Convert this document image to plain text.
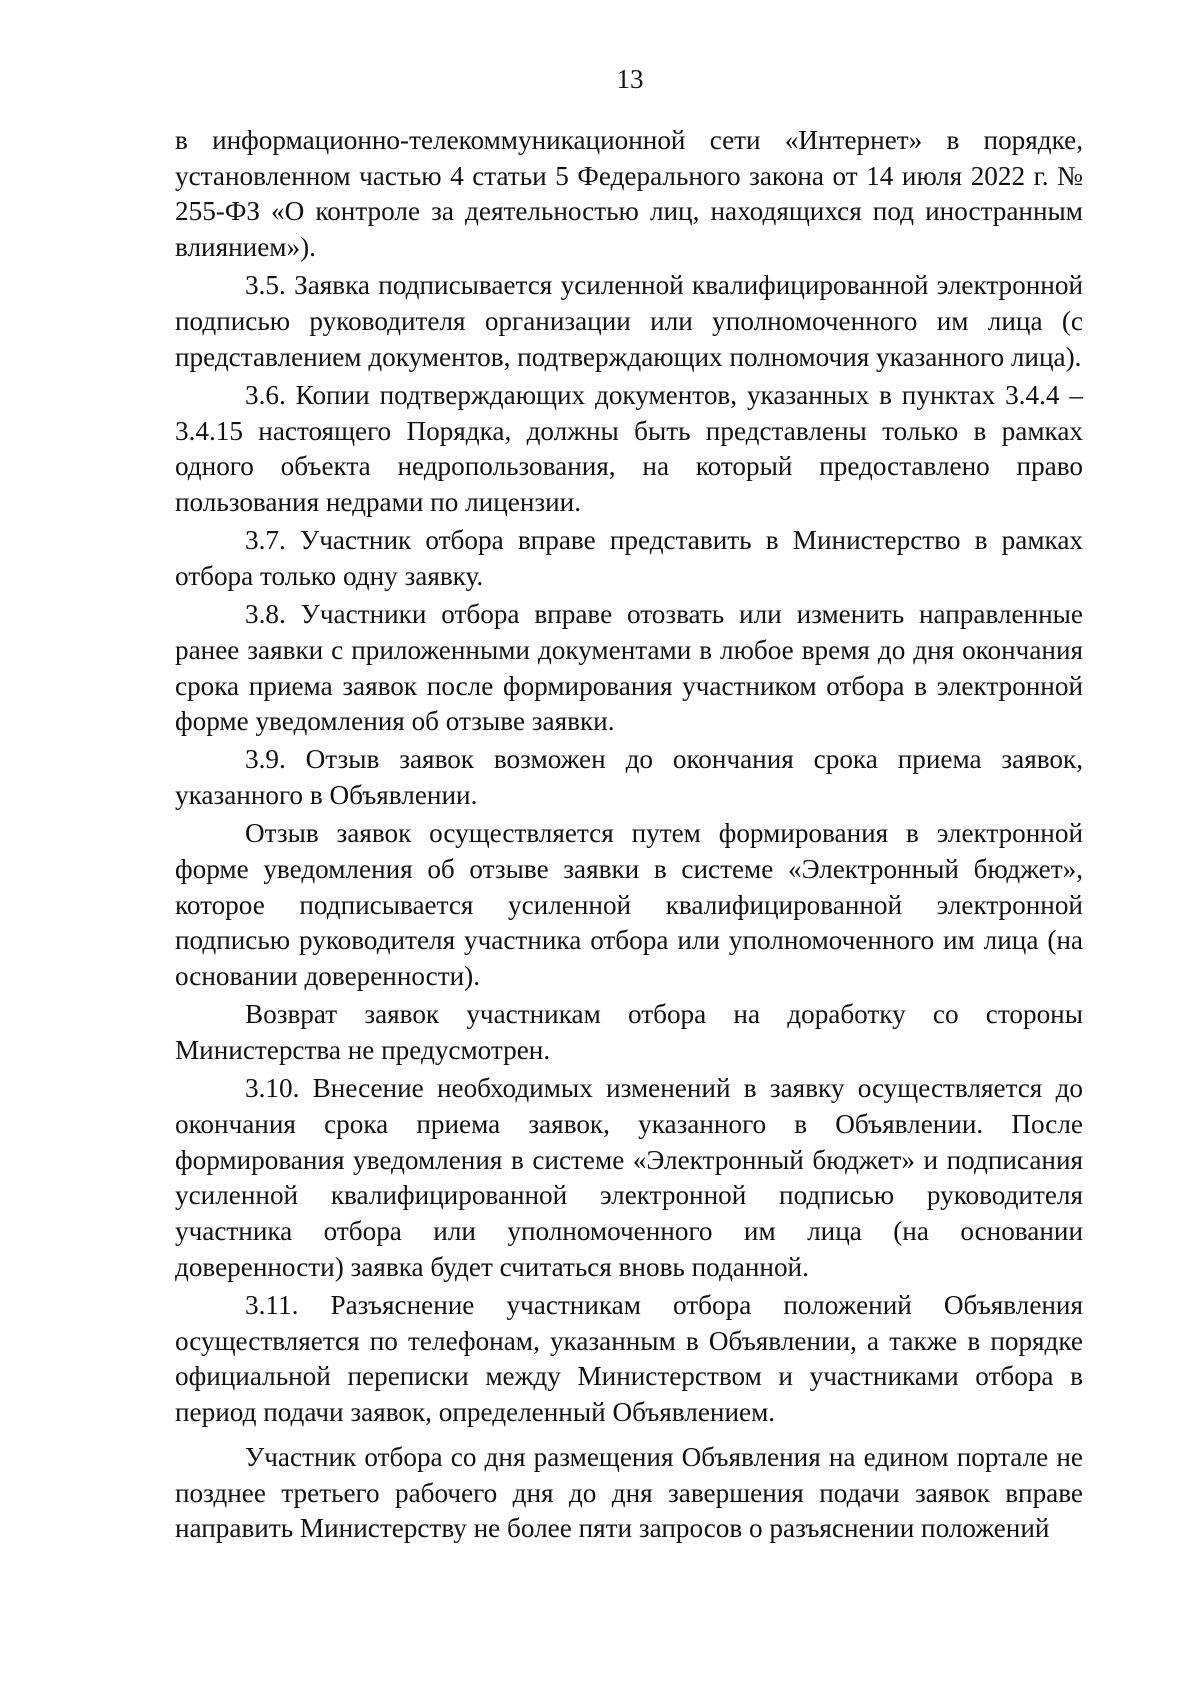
13

в информационно-телекоммуникационной сети «Интернет» в порядке, установленном частью 4 статьи 5 Федерального закона от 14 июля 2022 г. № 255-ФЗ «О контроле за деятельностью лиц, находящихся под иностранным влиянием»).

3.5. Заявка подписывается усиленной квалифицированной электронной подписью руководителя организации или уполномоченного им лица (с представлением документов, подтверждающих полномочия указанного лица).

3.6. Копии подтверждающих документов, указанных в пунктах 3.4.4 – 3.4.15 настоящего Порядка, должны быть представлены только в рамках одного объекта недропользования, на который предоставлено право пользования недрами по лицензии.

3.7. Участник отбора вправе представить в Министерство в рамках отбора только одну заявку.

3.8. Участники отбора вправе отозвать или изменить направленные ранее заявки с приложенными документами в любое время до дня окончания срока приема заявок после формирования участником отбора в электронной форме уведомления об отзыве заявки.

3.9. Отзыв заявок возможен до окончания срока приема заявок, указанного в Объявлении.

Отзыв заявок осуществляется путем формирования в электронной форме уведомления об отзыве заявки в системе «Электронный бюджет», которое подписывается усиленной квалифицированной электронной подписью руководителя участника отбора или уполномоченного им лица (на основании доверенности).

Возврат заявок участникам отбора на доработку со стороны Министерства не предусмотрен.

3.10. Внесение необходимых изменений в заявку осуществляется до окончания срока приема заявок, указанного в Объявлении. После формирования уведомления в системе «Электронный бюджет» и подписания усиленной квалифицированной электронной подписью руководителя участника отбора или уполномоченного им лица (на основании доверенности) заявка будет считаться вновь поданной.

3.11. Разъяснение участникам отбора положений Объявления осуществляется по телефонам, указанным в Объявлении, а также в порядке официальной переписки между Министерством и участниками отбора в период подачи заявок, определенный Объявлением.

Участник отбора со дня размещения Объявления на едином портале не позднее третьего рабочего дня до дня завершения подачи заявок вправе направить Министерству не более пяти запросов о разъяснении положений
